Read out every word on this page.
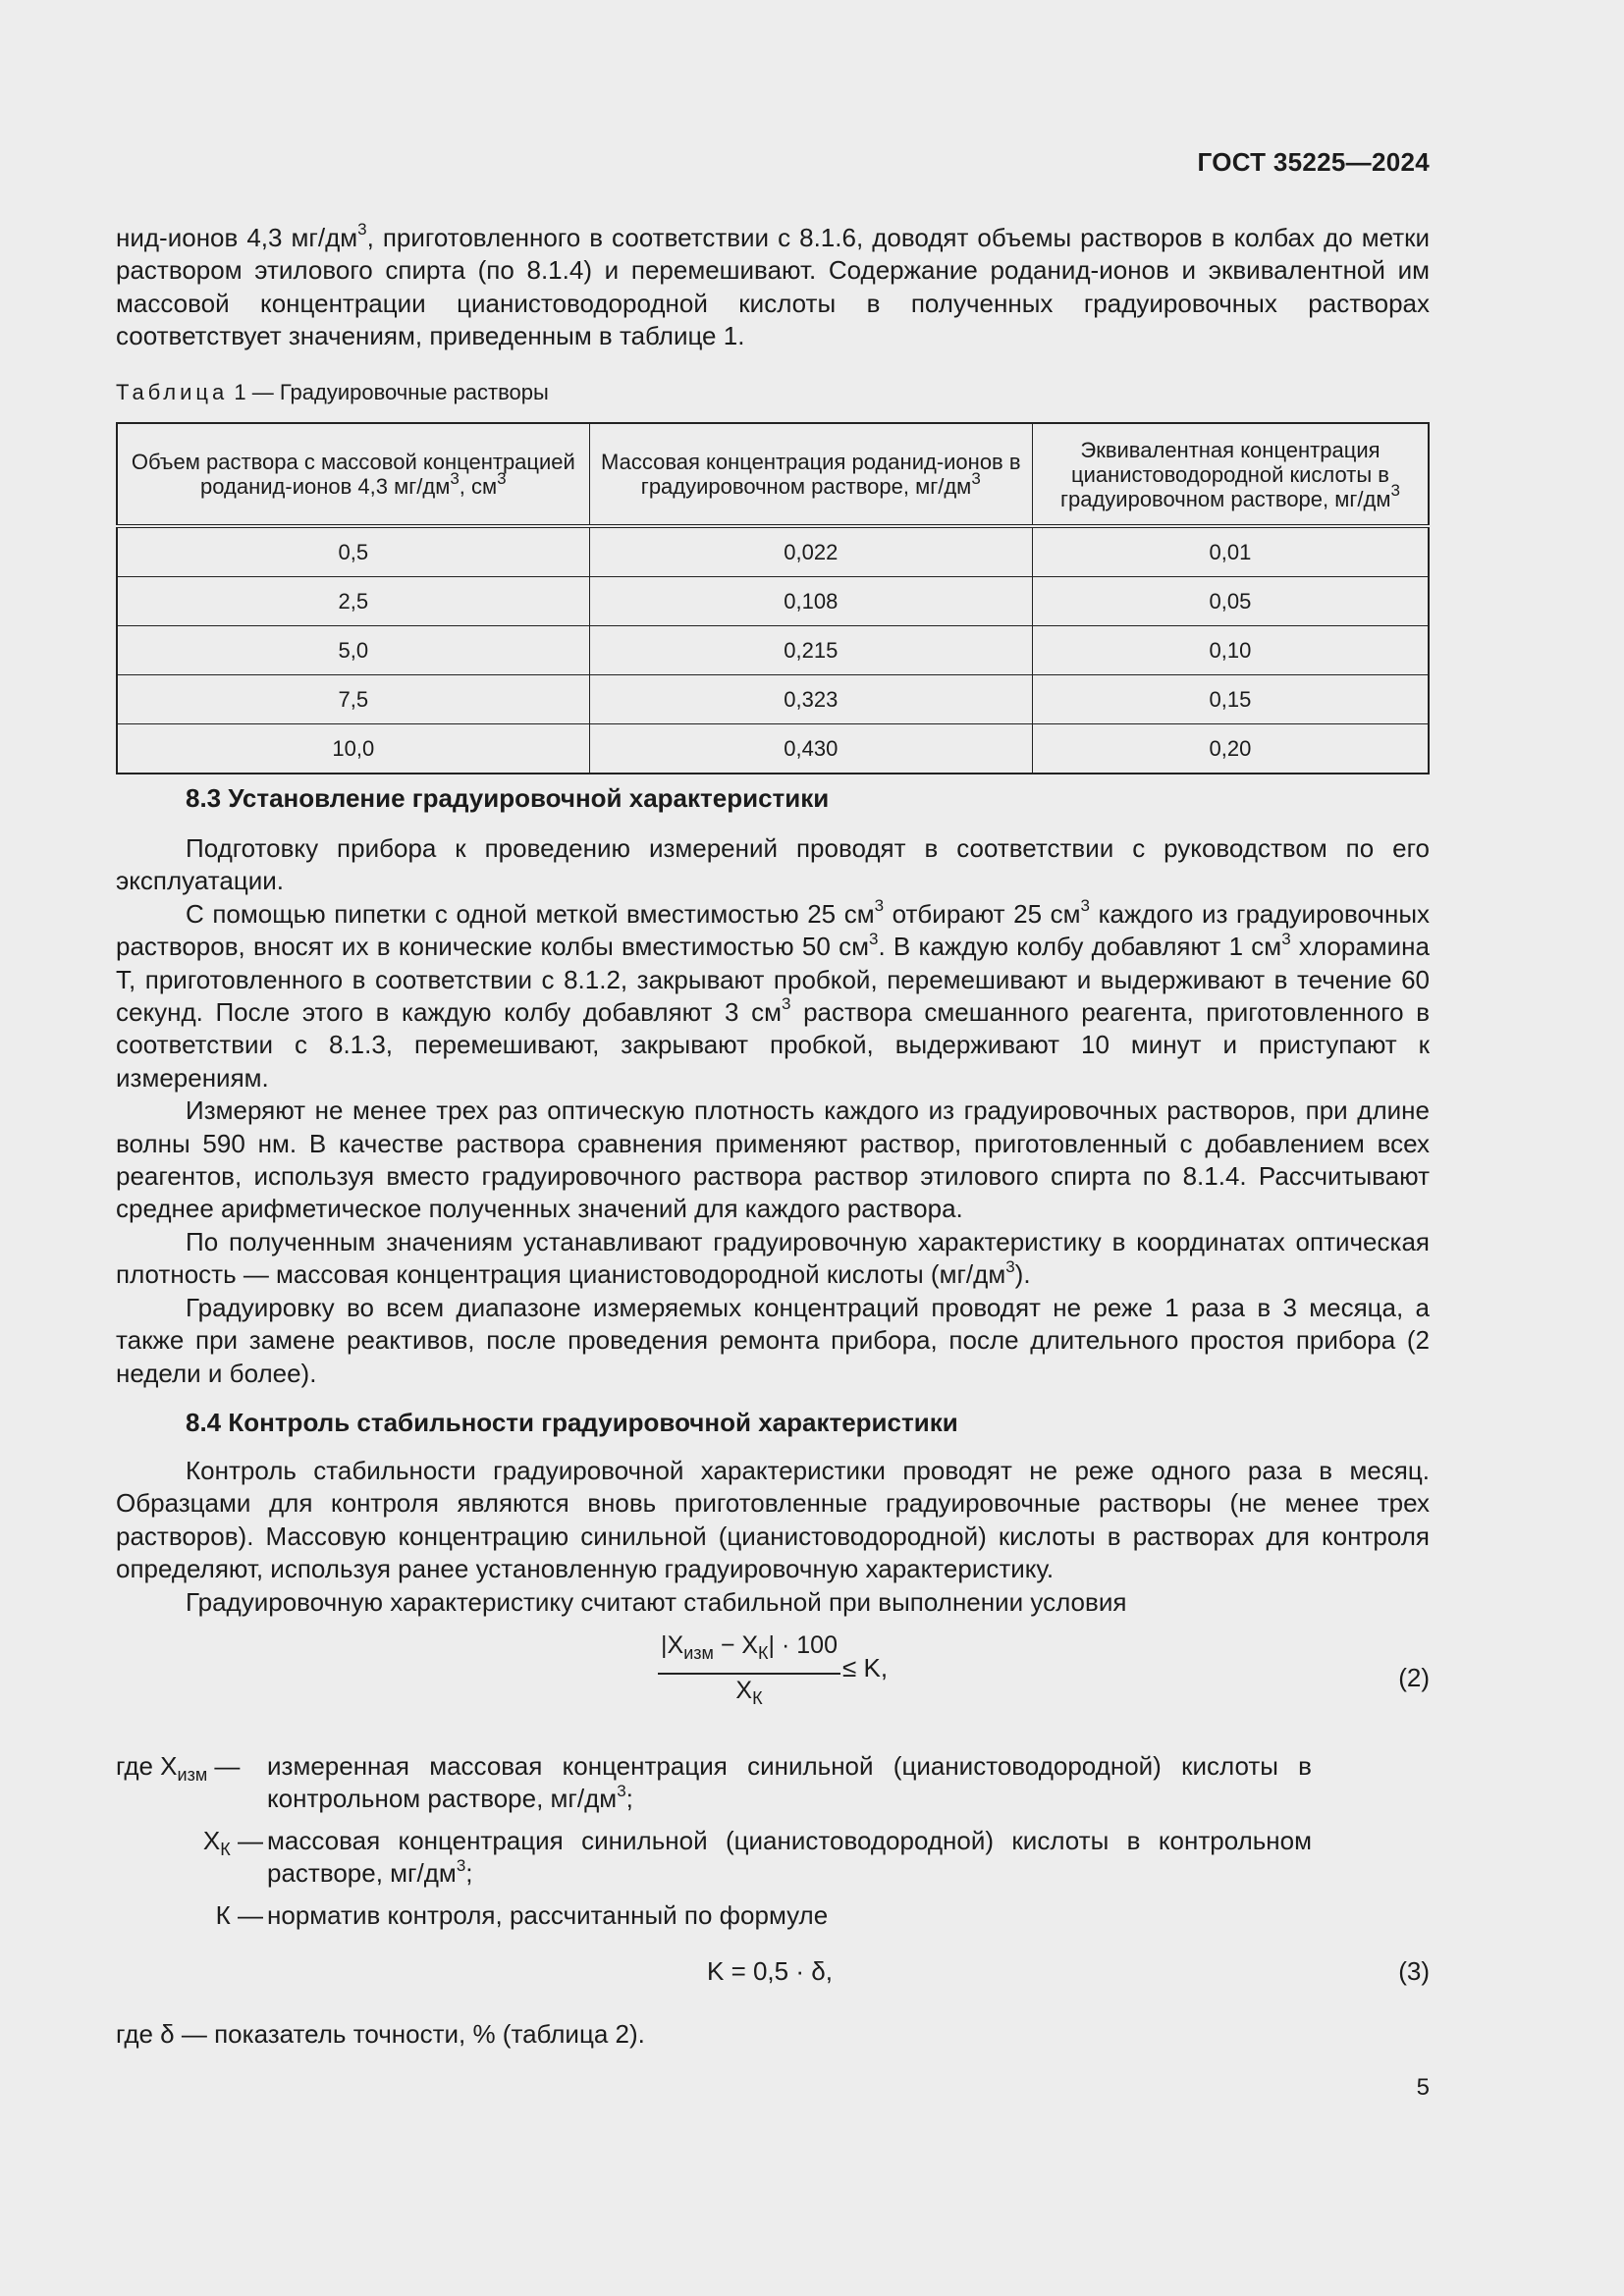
ГОСТ 35225—2024
нид-ионов 4,3 $мг/дм^3$, приготовленного в соответствии с 8.1.6, доводят объемы растворов в колбах до метки раствором этилового спирта (по 8.1.4) и перемешивают. Содержание роданид-ионов и эквивалентной им массовой концентрации цианистоводородной кислоты в полученных градуировочных растворах соответствует значениям, приведенным в таблице 1.
Таблица 1 — Градуировочные растворы
Объем раствора с массовой концентрацией роданид-ионов 4,3 $мг/дм^3$, $см^3$	Массовая концентрация роданид-ионов в градуировочном растворе, $мг/дм^3$	Эквивалентная концентрация цианистоводородной кислоты в градуировочном растворе, $мг/дм^3$
0,5	0,022	0,01
2,5	0,108	0,05
5,0	0,215	0,10
7,5	0,323	0,15
10,0	0,430	0,20
8.3 Установление градуировочной характеристики

Подготовку прибора к проведению измерений проводят в соответствии с руководством по его эксплуатации.

С помощью пипетки с одной меткой вместимостью 25 $см^3$ отбирают 25 $см^3$ каждого из градуировочных растворов, вносят их в конические колбы вместимостью 50 $см^3$. В каждую колбу добавляют 1 $см^3$ хлорамина Т, приготовленного в соответствии с 8.1.2, закрывают пробкой, перемешивают и выдерживают в течение 60 секунд. После этого в каждую колбу добавляют 3 $см^3$ раствора смешанного реагента, приготовленного в соответствии с 8.1.3, перемешивают, закрывают пробкой, выдерживают 10 минут и приступают к измерениям.

Измеряют не менее трех раз оптическую плотность каждого из градуировочных растворов, при длине волны 590 нм. В качестве раствора сравнения применяют раствор, приготовленный с добавлением всех реагентов, используя вместо градуировочного раствора раствор этилового спирта по 8.1.4. Рассчитывают среднее арифметическое полученных значений для каждого раствора.

По полученным значениям устанавливают градуировочную характеристику в координатах оптическая плотность — массовая концентрация цианистоводородной кислоты $(мг/дм^3)$.

Градуировку во всем диапазоне измеряемых концентраций проводят не реже 1 раза в 3 месяца, а также при замене реактивов, после проведения ремонта прибора, после длительного простоя прибора (2 недели и более).

8.4 Контроль стабильности градуировочной характеристики

Контроль стабильности градуировочной характеристики проводят не реже одного раза в месяц. Образцами для контроля являются вновь приготовленные градуировочные растворы (не менее трех растворов). Массовую концентрацию синильной (цианистоводородной) кислоты в растворах для контроля определяют, используя ранее установленную градуировочную характеристику.

Градуировочную характеристику считают стабильной при выполнении условия

$|X_{изм} - X_К| \cdot 100$
$X_К$
≤ K,	(2)
где $X_{изм}$ —	измеренная массовая концентрация синильной (цианистоводородной) кислоты в контрольном растворе, $мг/дм^3$;
$X_К$ — массовая концентрация синильной (цианистоводородной) кислоты в контрольном растворе, $мг/дм^3$;
К — норматив контроля, рассчитанный по формуле
K = 0,5 · δ,	(3)
где δ — показатель точности, % (таблица 2).
5
